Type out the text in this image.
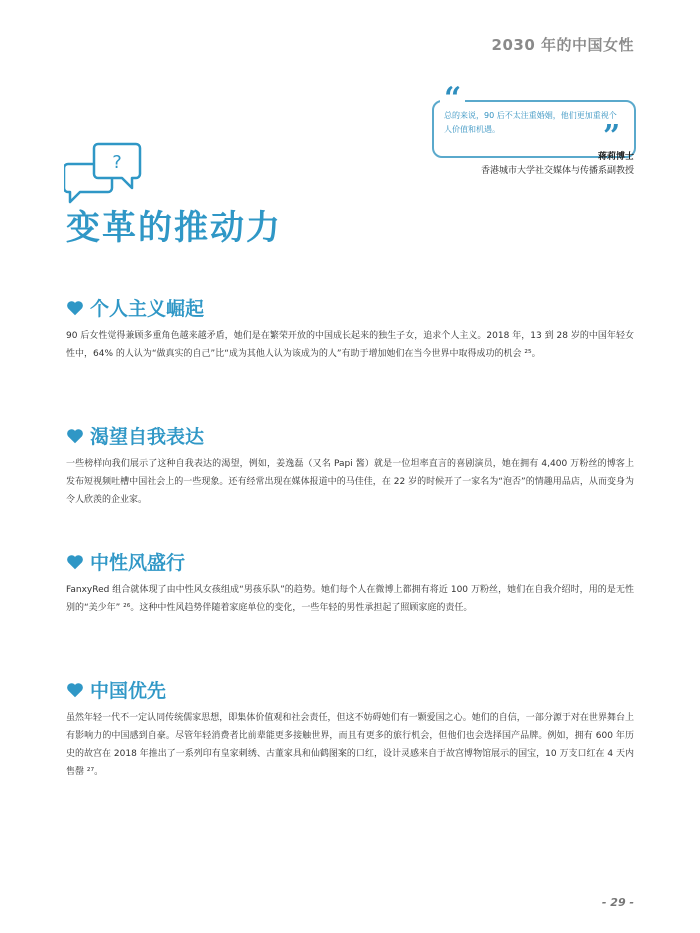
2030 年的中国女性
“
总的来说，90 后不太注重婚姻，他们更加重视个人价值和机遇。	”
蒋莉博士
香港城市大学社交媒体与传播系副教授
?
变革的推动力
个人主义崛起

90 后女性觉得兼顾多重角色越来越矛盾，她们是在繁荣开放的中国成长起来的独生子女，追求个人主义。2018 年，13 到 28 岁的中国年轻女性中，64% 的人认为“做真实的自己”比“成为其他人认为该成为的人”有助于增加她们在当今世界中取得成功的机会 ²⁵。

渴望自我表达

一些榜样向我们展示了这种自我表达的渴望，例如，姜逸磊（又名 Papi 酱）就是一位坦率直言的喜剧演员，她在拥有 4,400 万粉丝的博客上发布短视频吐槽中国社会上的一些现象。还有经常出现在媒体报道中的马佳佳，在 22 岁的时候开了一家名为“泡否”的情趣用品店，从而变身为令人欣羡的企业家。

中性风盛行

FanxyRed 组合就体现了由中性风女孩组成“男孩乐队”的趋势。她们每个人在微博上都拥有将近 100 万粉丝，她们在自我介绍时，用的是无性别的“美少年” ²⁶。这种中性风趋势伴随着家庭单位的变化，一些年轻的男性承担起了照顾家庭的责任。

中国优先

虽然年轻一代不一定认同传统儒家思想，即集体价值观和社会责任，但这不妨碍她们有一颗爱国之心。她们的自信，一部分源于对在世界舞台上有影响力的中国感到自豪。尽管年轻消费者比前辈能更多接触世界，而且有更多的旅行机会，但他们也会选择国产品牌。例如，拥有 600 年历史的故宫在 2018 年推出了一系列印有皇家刺绣、古董家具和仙鹤图案的口红，设计灵感来自于故宫博物馆展示的国宝，10 万支口红在 4 天内售罄 ²⁷。

- 29 -
